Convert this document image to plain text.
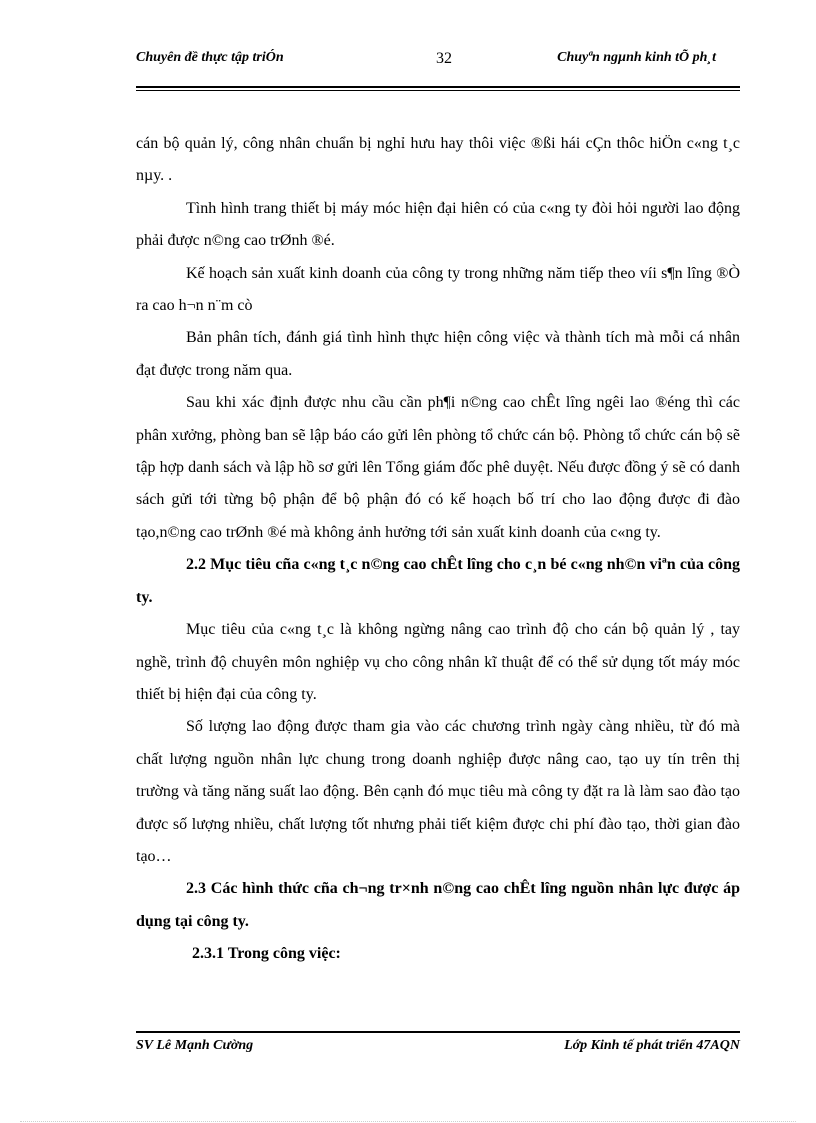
Chuyên đề thực tập triÓn	32	Chuyªn ngµnh kinh tÕ ph¸t

cán bộ quản lý, công nhân chuẩn bị nghỉ hưu hay thôi việc ®ßi hái cÇn thôc hiÖn c«ng t¸c nµy. .

Tình hình trang thiết bị máy móc hiện đại hiên có của c«ng ty đòi hỏi người lao động phải được n©ng cao trØnh ®é.

Kế hoạch sản xuất kinh doanh của công ty trong những năm tiếp theo víi s¶n lîng ®Ò ra cao h¬n n¨m cò

Bản phân tích, đánh giá tình hình thực hiện công việc và thành tích mà mỗi cá nhân đạt được trong năm qua.

Sau khi xác định được nhu cầu cần ph¶i n©ng cao chÊt lîng ngêi lao ®éng thì các phân xưởng, phòng ban sẽ lập báo cáo gửi lên phòng tổ chức cán bộ. Phòng tổ chức cán bộ sẽ tập hợp danh sách và lập hồ sơ gửi lên Tổng giám đốc phê duyệt. Nếu được đồng ý sẽ có danh sách gửi tới từng bộ phận để bộ phận đó có kế hoạch bố trí cho lao động được đi đào tạo,n©ng cao trØnh ®é mà không ảnh hưởng tới sản xuất kinh doanh của c«ng ty.

2.2 Mục tiêu cña c«ng t¸c n©ng cao chÊt lîng cho c¸n bé c«ng nh©n viªn của công ty.

Mục tiêu của c«ng t¸c là không ngừng nâng cao trình độ cho cán bộ quản lý , tay nghề, trình độ chuyên môn nghiệp vụ cho công nhân kĩ thuật để có thể sử dụng tốt máy móc thiết bị hiện đại của công ty.

Số lượng lao động được tham gia vào các chương trình ngày càng nhiều, từ đó mà chất lượng nguồn nhân lực chung trong doanh nghiệp được nâng cao, tạo uy tín trên thị trường và tăng năng suất lao động. Bên cạnh đó mục tiêu mà công ty đặt ra là làm sao đào tạo được số lượng nhiều, chất lượng tốt nhưng phải tiết kiệm được chi phí đào tạo, thời gian đào tạo…

2.3 Các hình thức cña ch¬ng tr×nh n©ng cao chÊt lîng nguồn nhân lực được áp dụng tại công ty.

2.3.1 Trong công việc:

SV Lê Mạnh Cường	Lớp Kinh tế phát triển 47AQN
